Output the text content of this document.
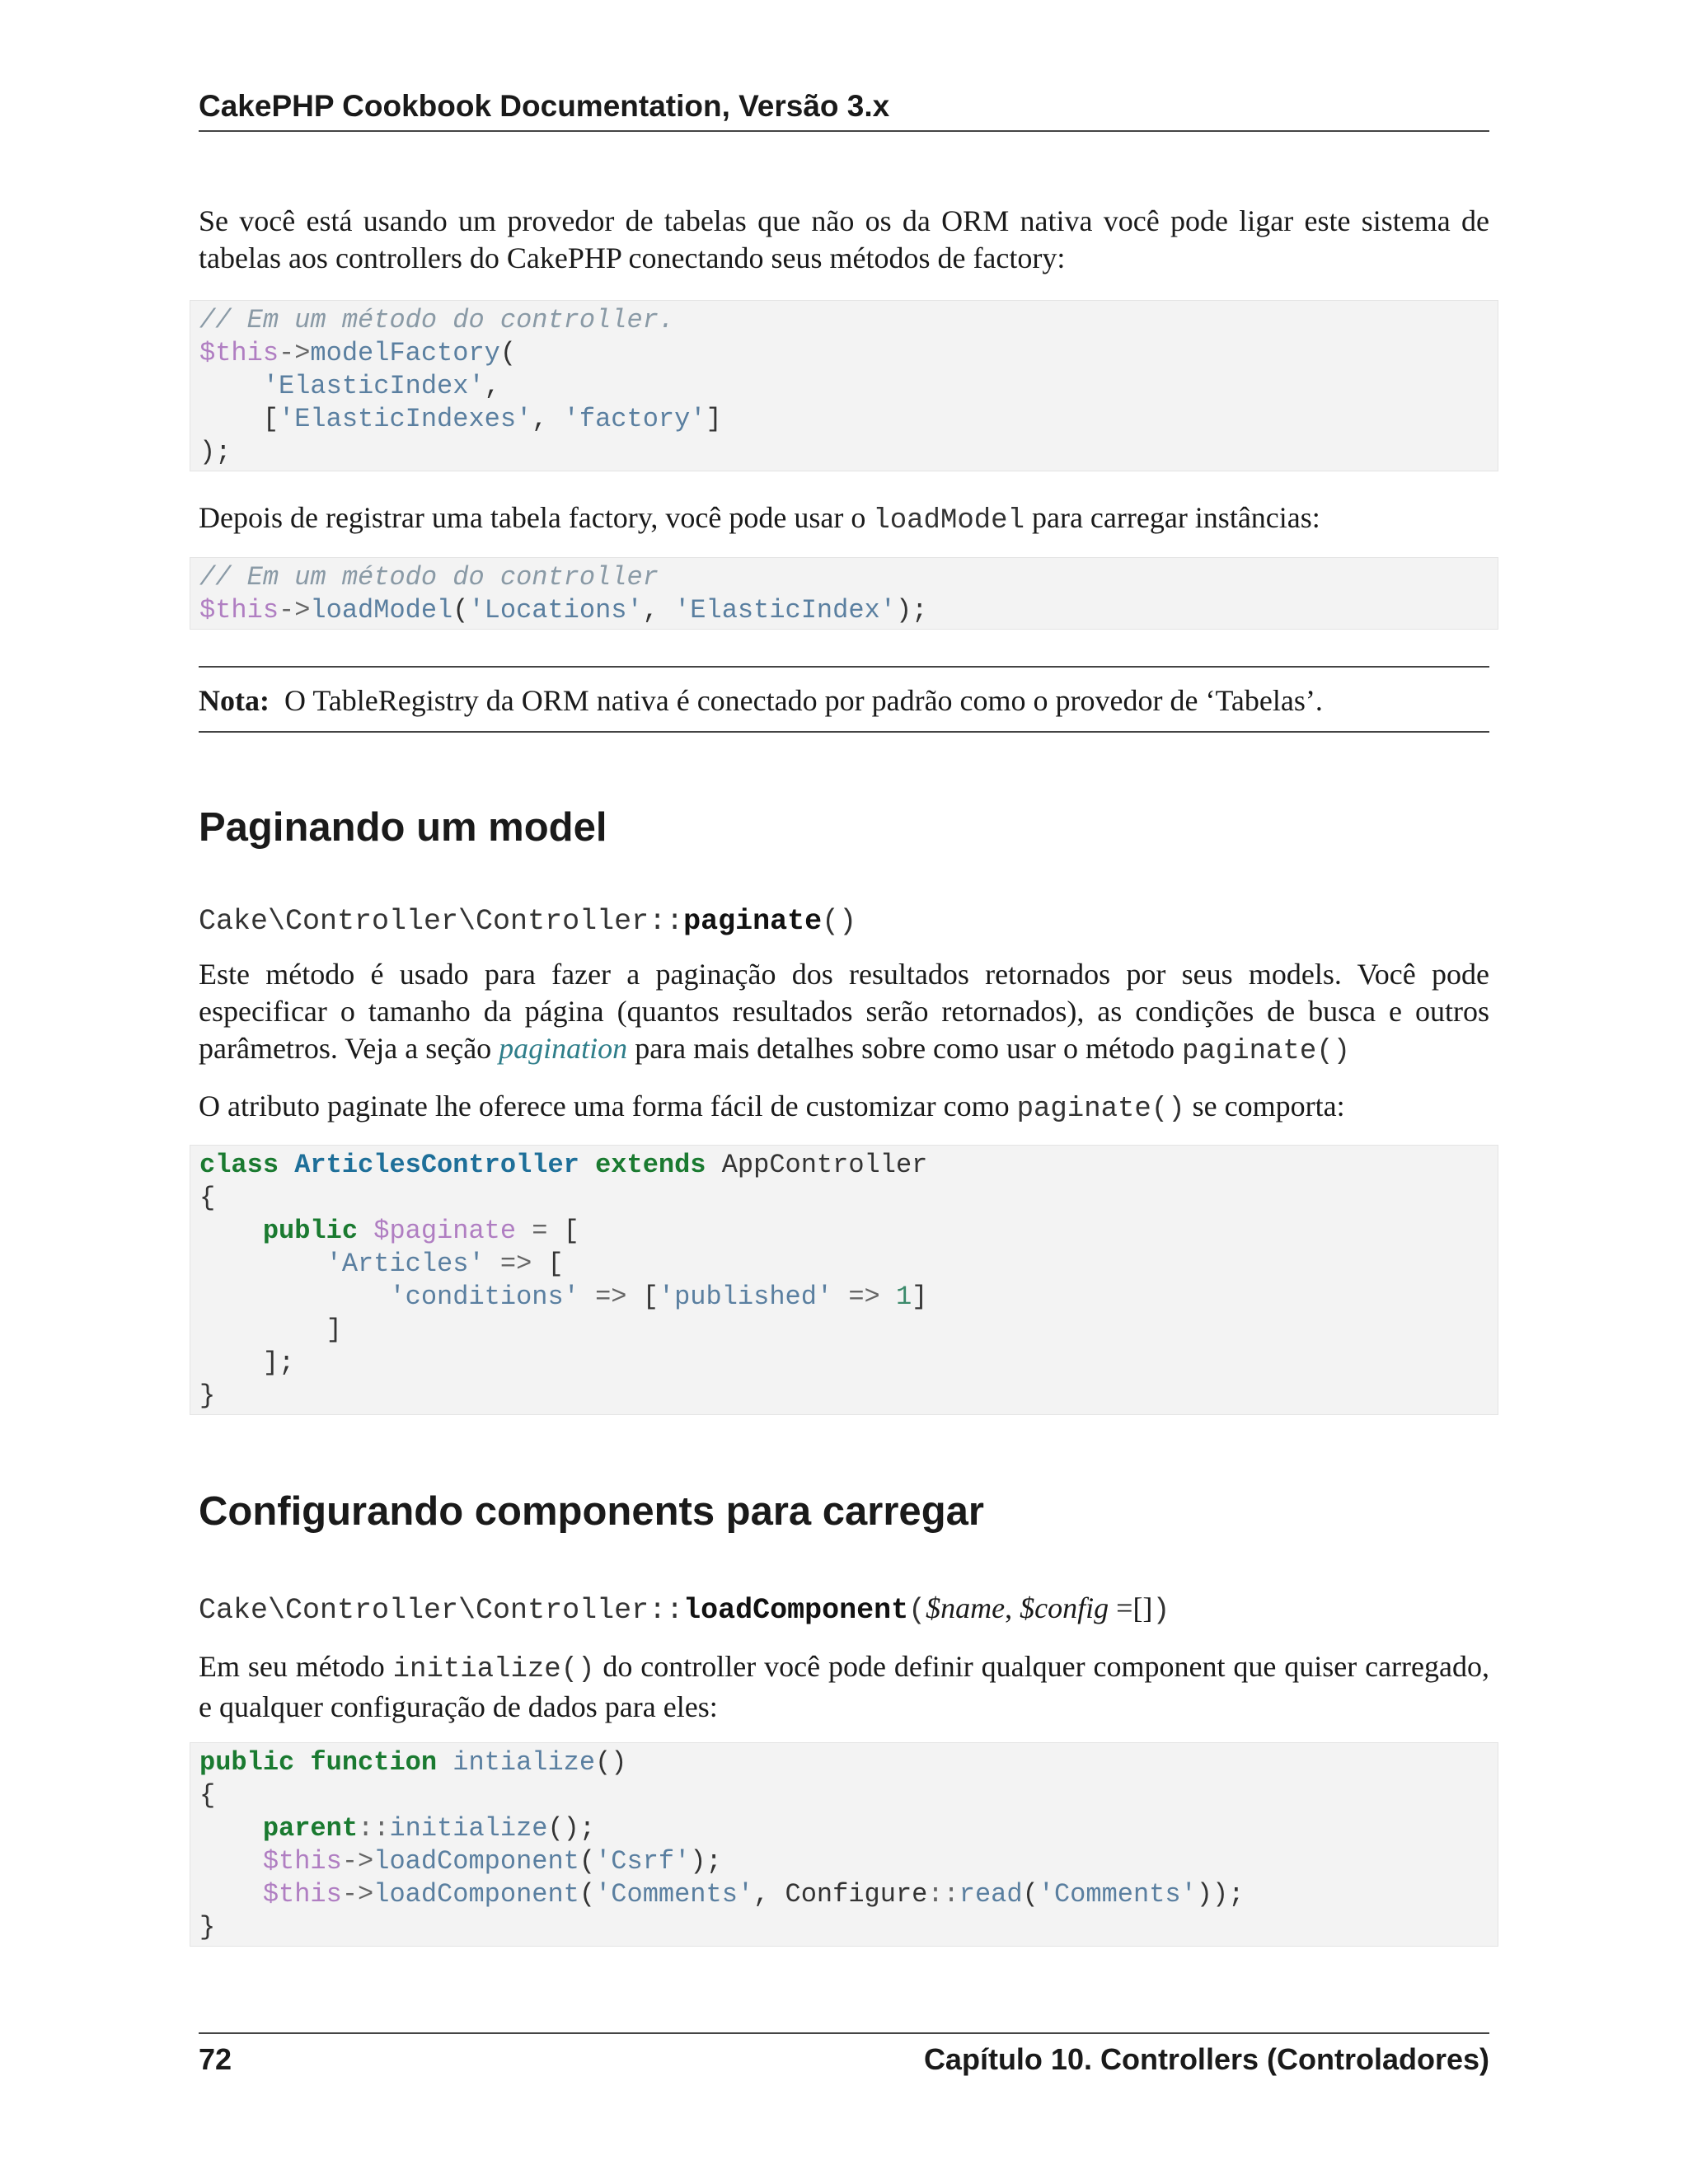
CakePHP Cookbook Documentation, Versão 3.x

Se você está usando um provedor de tabelas que não os da ORM nativa você pode ligar este sistema de tabelas aos controllers do CakePHP conectando seus métodos de factory:

// Em um método do controller.
$this->modelFactory(
'ElasticIndex',
['ElasticIndexes', 'factory']
);

Depois de registrar uma tabela factory, você pode usar o loadModel para carregar instâncias:

// Em um método do controller
$this->loadModel('Locations', 'ElasticIndex');
Nota: O TableRegistry da ORM nativa é conectado por padrão como o provedor de ‘Tabelas’.
Paginando um model
Cake\Controller\Controller::paginate()

Este método é usado para fazer a paginação dos resultados retornados por seus models. Você pode especificar o tamanho da página (quantos resultados serão retornados), as condições de busca e outros parâmetros. Veja a seção pagination para mais detalhes sobre como usar o método paginate()

O atributo paginate lhe oferece uma forma fácil de customizar como paginate() se comporta:

class ArticlesController extends AppController
{
public $paginate = [
'Articles' => [
'conditions' => ['published' => 1]
]
];
}
Configurando components para carregar
Cake\Controller\Controller::loadComponent($name, $config =[])

Em seu método initialize() do controller você pode definir qualquer component que quiser carregado, e qualquer configuração de dados para eles:

public function intialize()
{
parent::initialize();
$this->loadComponent('Csrf');
$this->loadComponent('Comments', Configure::read('Comments'));
}
72	Capítulo 10. Controllers (Controladores)
